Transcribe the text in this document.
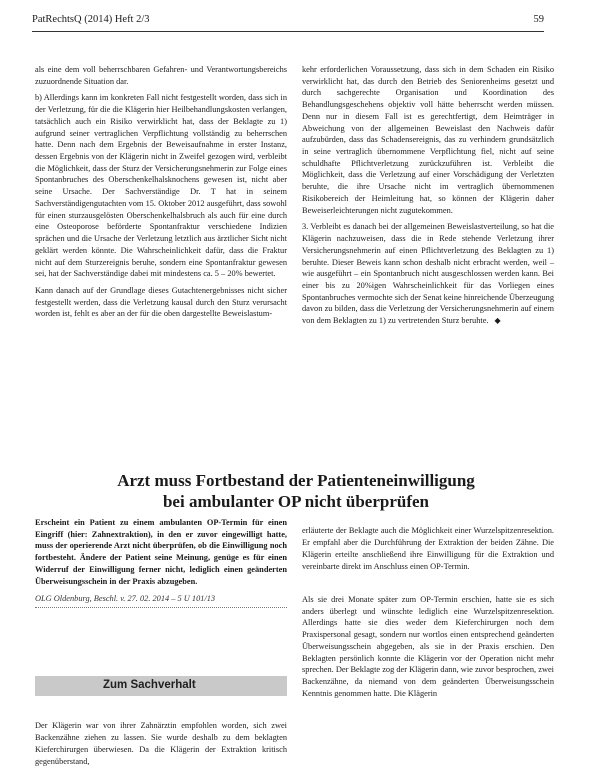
PatRechtsQ (2014) Heft 2/3	59

als eine dem voll beherrschbaren Gefahren- und Verantwortungsbereichs zuzuordnende Situation dar.

b) Allerdings kann im konkreten Fall nicht festgestellt worden, dass sich in der Verletzung, für die die Klägerin hier Heilbehandlungskosten verlangen, tatsächlich auch ein Risiko verwirklicht hat, dass der Beklagte zu 1) aufgrund seiner vertraglichen Verpflichtung vollständig zu beherrschen hatte. Denn nach dem Ergebnis der Beweisaufnahme in erster Instanz, dessen Ergebnis von der Klägerin nicht in Zweifel gezogen wird, verbleibt die Möglichkeit, dass der Sturz der Versicherungsnehmerin zur Folge eines Spontanbruches des Oberschenkelhalsknochens gewesen ist, nicht aber seine Ursache. Der Sachverständige Dr. T hat in seinem Sachverständigengutachten vom 15. Oktober 2012 ausgeführt, dass sowohl für einen sturzausgelösten Oberschenkelhalsbruch als auch für eine durch eine Osteoporose beförderte Spontanfraktur verschiedene Indizien sprächen und die Ursache der Verletzung letztlich aus ärztlicher Sicht nicht geklärt werden könnte. Die Wahrscheinlichkeit dafür, dass die Fraktur nicht auf dem Sturzereignis beruhe, sondern eine Spontanfraktur gewesen sei, hat der Sachverständige dabei mit mindestens ca. 5 – 20% bewertet.

Kann danach auf der Grundlage dieses Gutachtenergebnisses nicht sicher festgestellt werden, dass die Verletzung kausal durch den Sturz verursacht worden ist, fehlt es aber an der für die oben dargestellte Beweislastum-

kehr erforderlichen Voraussetzung, dass sich in dem Schaden ein Risiko verwirklicht hat, das durch den Betrieb des Seniorenheims gesetzt und durch sachgerechte Organisation und Koordination des Behandlungsgeschehens objektiv voll hätte beherrscht werden müssen. Denn nur in diesem Fall ist es gerechtfertigt, dem Heimträger in Abweichung von der allgemeinen Beweislast den Nachweis dafür aufzubürden, dass das Schadensereignis, das zu verhindern grundsätzlich in seine vertraglich übernommene Verpflichtung fiel, nicht auf seine schuldhafte Pflichtverletzung zurückzuführen ist. Verbleibt die Möglichkeit, dass die Verletzung auf einer Vorschädigung der Verletzten beruhte, die ihre Ursache nicht im vertraglich übernommenen Risikobereich der Heimleitung hat, so können der Klägerin daher Beweiserleichterungen nicht zugutekommen.

3. Verbleibt es danach bei der allgemeinen Beweislastverteilung, so hat die Klägerin nachzuweisen, dass die in Rede stehende Verletzung ihrer Versicherungsnehmerin auf einen Pflichtverletzung des Beklagten zu 1) beruhte. Dieser Beweis kann schon deshalb nicht erbracht werden, weil – wie ausgeführt – ein Spontanbruch nicht ausgeschlossen werden kann. Bei einer bis zu 20%igen Wahrscheinlichkeit für das Vorliegen eines Spontanbruches vermochte sich der Senat keine hinreichende Überzeugung davon zu bilden, dass die Verletzung der Versicherungsnehmerin auf einem von dem Beklagten zu 1) zu vertretenden Sturz beruhte. ◆

Arzt muss Fortbestand der Patienteneinwilligung
bei ambulanter OP nicht überprüfen

Erscheint ein Patient zu einem ambulanten OP-Termin für einen Eingriff (hier: Zahnextraktion), in den er zuvor eingewilligt hatte, muss der operierende Arzt nicht überprüfen, ob die Einwilligung noch fortbesteht. Ändere der Patient seine Meinung, genüge es für einen Widerruf der Einwilligung ferner nicht, lediglich einen geänderten Überweisungsschein in der Praxis abzugeben.

OLG Oldenburg, Beschl. v. 27. 02. 2014 – 5 U 101/13

Zum Sachverhalt

Der Klägerin war von ihrer Zahnärztin empfohlen worden, sich zwei Backenzähne ziehen zu lassen. Sie wurde deshalb zu dem beklagten Kieferchirurgen überwiesen. Da die Klägerin der Extraktion kritisch gegenüberstand,

erläuterte der Beklagte auch die Möglichkeit einer Wurzelspitzenresektion. Er empfahl aber die Durchführung der Extraktion der beiden Zähne. Die Klägerin erteilte anschließend ihre Einwilligung für die Extraktion und vereinbarte direkt im Anschluss einen OP-Termin.

Als sie drei Monate später zum OP-Termin erschien, hatte sie es sich anders überlegt und wünschte lediglich eine Wurzelspitzenresektion. Allerdings hatte sie dies weder dem Kieferchirurgen noch dem Praxispersonal gesagt, sondern nur wortlos einen entsprechend geänderten Überweisungsschein abgegeben, als sie in der Praxis erschien. Den Beklagten persönlich konnte die Klägerin vor der Operation nicht mehr sprechen. Der Beklagte zog der Klägerin dann, wie zuvor besprochen, zwei Backenzähne, da niemand von dem geänderten Überweisungsschein Kenntnis genommen hatte. Die Klägerin
